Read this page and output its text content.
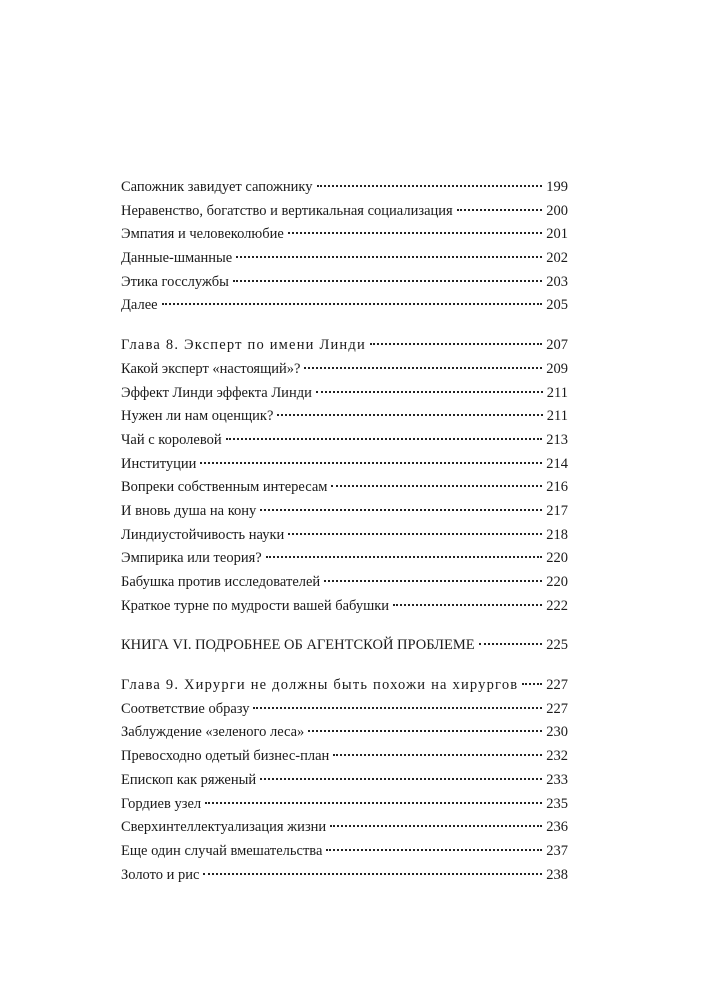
Сапожник завидует сапожнику	199
Неравенство, богатство и вертикальная социализация	200
Эмпатия и человеколюбие	201
Данные-шманные	202
Этика госслужбы	203
Далее	205
Глава 8. Эксперт по имени Линди	207
Какой эксперт «настоящий»?	209
Эффект Линди эффекта Линди	211
Нужен ли нам оценщик?	211
Чай с королевой	213
Институции	214
Вопреки собственным интересам	216
И вновь душа на кону	217
Линдиустойчивость науки	218
Эмпирика или теория?	220
Бабушка против исследователей	220
Краткое турне по мудрости вашей бабушки	222
КНИГА VI. ПОДРОБНЕЕ ОБ АГЕНТСКОЙ ПРОБЛЕМЕ	225
Глава 9. Хирурги не должны быть похожи на хирургов 227
Соответствие образу	227
Заблуждение «зеленого леса»	230
Превосходно одетый бизнес-план	232
Епископ как ряженый	233
Гордиев узел	235
Сверхинтеллектуализация жизни	236
Еще один случай вмешательства	237
Золото и рис	238
